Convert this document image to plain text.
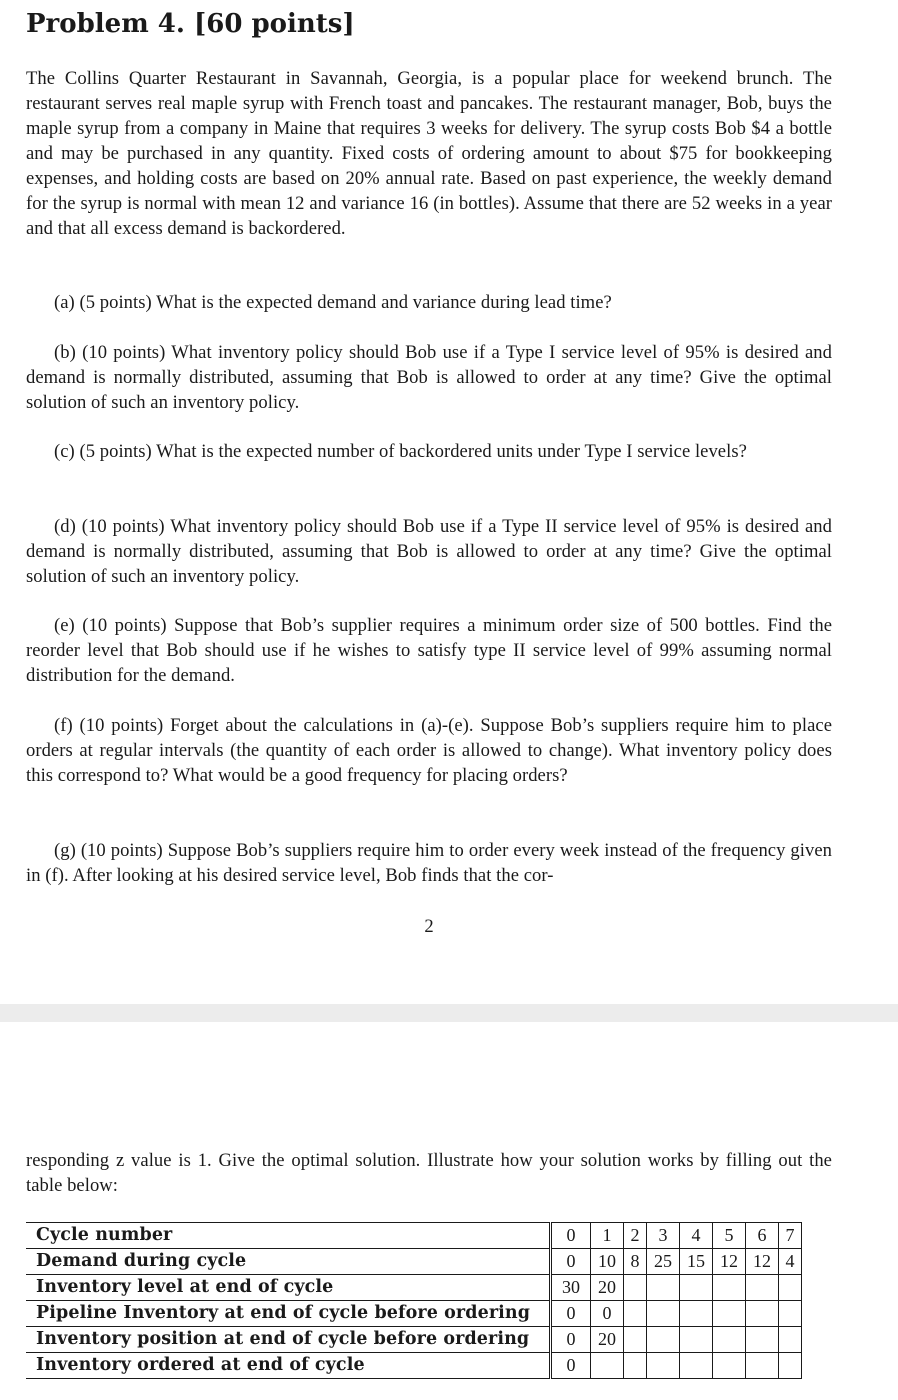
Problem 4. [60 points]

The Collins Quarter Restaurant in Savannah, Georgia, is a popular place for weekend brunch. The restaurant serves real maple syrup with French toast and pancakes. The restaurant manager, Bob, buys the maple syrup from a company in Maine that requires 3 weeks for delivery. The syrup costs Bob $4 a bottle and may be purchased in any quantity. Fixed costs of ordering amount to about $75 for bookkeeping expenses, and holding costs are based on 20% annual rate. Based on past experience, the weekly demand for the syrup is normal with mean 12 and variance 16 (in bottles). Assume that there are 52 weeks in a year and that all excess demand is backordered.

(a) (5 points) What is the expected demand and variance during lead time?

(b) (10 points) What inventory policy should Bob use if a Type I service level of 95% is desired and demand is normally distributed, assuming that Bob is allowed to order at any time? Give the optimal solution of such an inventory policy.

(c) (5 points) What is the expected number of backordered units under Type I service levels?

(d) (10 points) What inventory policy should Bob use if a Type II service level of 95% is desired and demand is normally distributed, assuming that Bob is allowed to order at any time? Give the optimal solution of such an inventory policy.

(e) (10 points) Suppose that Bob’s supplier requires a minimum order size of 500 bottles. Find the reorder level that Bob should use if he wishes to satisfy type II service level of 99% assuming normal distribution for the demand.

(f) (10 points) Forget about the calculations in (a)-(e). Suppose Bob’s suppliers require him to place orders at regular intervals (the quantity of each order is allowed to change). What inventory policy does this correspond to? What would be a good frequency for placing orders?

(g) (10 points) Suppose Bob’s suppliers require him to order every week instead of the frequency given in (f). After looking at his desired service level, Bob finds that the cor-

2

responding z value is 1. Give the optimal solution. Illustrate how your solution works by filling out the table below:

Cycle number	0	1	2	3	4	5	6	7
Demand during cycle	0	10	8	25	15	12	12	4
Inventory level at end of cycle	30	20						
Pipeline Inventory at end of cycle before ordering	0	0						
Inventory position at end of cycle before ordering	0	20						
Inventory ordered at end of cycle	0							
